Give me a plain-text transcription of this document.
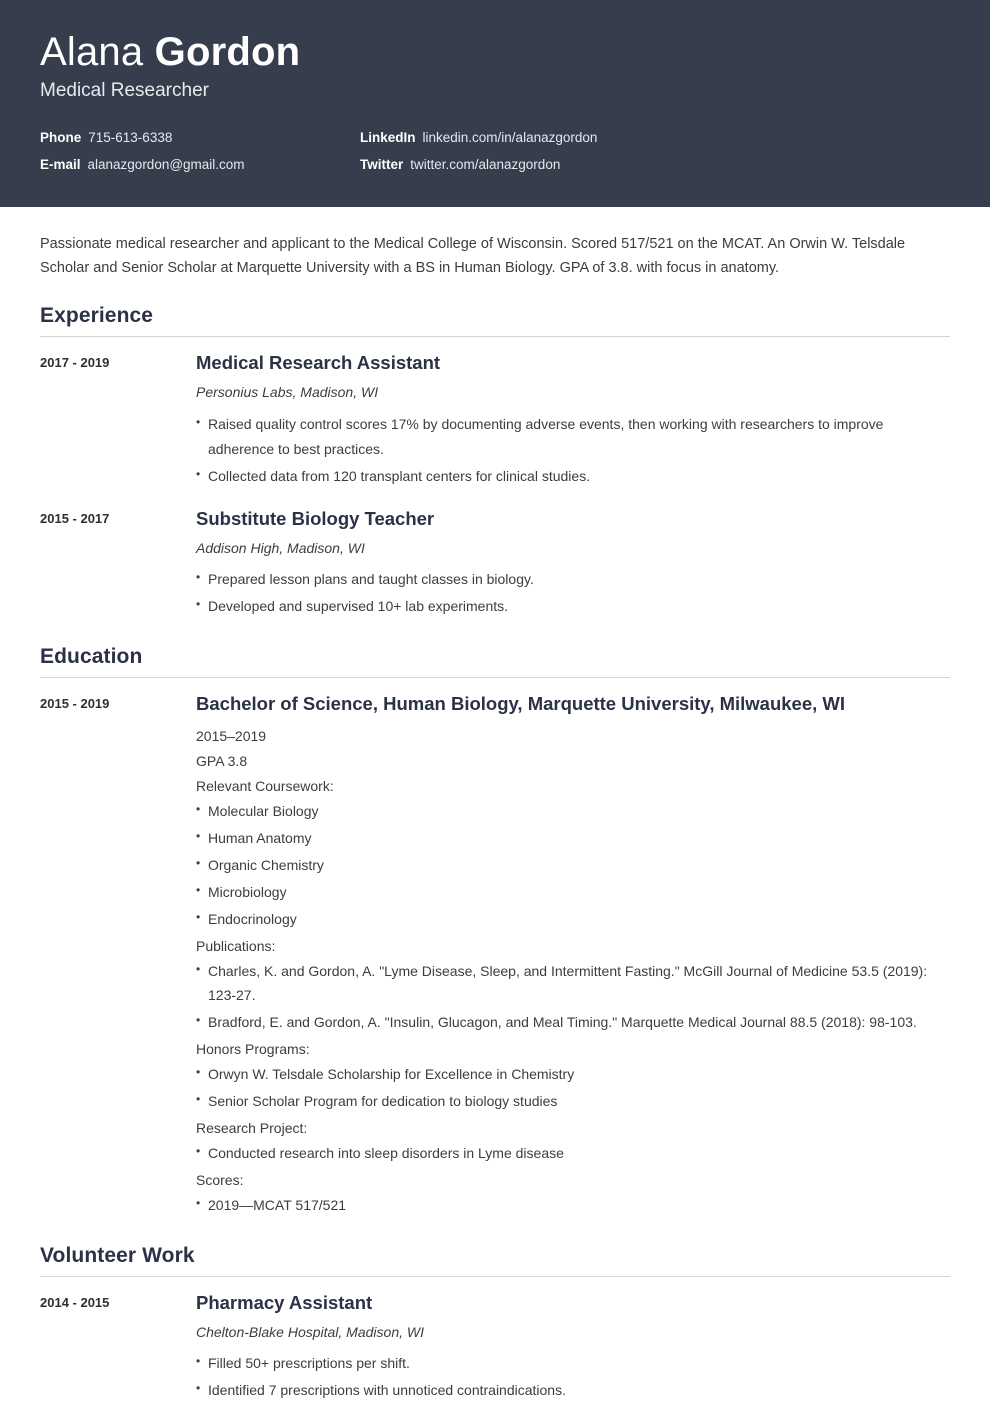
Alana Gordon
Medical Researcher
Phone 715-613-6338	LinkedIn linkedin.com/in/alanazgordon
E-mail alanazgordon@gmail.com	Twitter twitter.com/alanazgordon

Passionate medical researcher and applicant to the Medical College of Wisconsin. Scored 517/521 on the MCAT. An Orwin W. Telsdale Scholar and Senior Scholar at Marquette University with a BS in Human Biology. GPA of 3.8. with focus in anatomy.

Experience
2017 - 2019	Medical Research Assistant
Personius Labs, Madison, WI
• Raised quality control scores 17% by documenting adverse events, then working with researchers to improve adherence to best practices.
• Collected data from 120 transplant centers for clinical studies.
2015 - 2017	Substitute Biology Teacher
Addison High, Madison, WI
• Prepared lesson plans and taught classes in biology.
• Developed and supervised 10+ lab experiments.
Education
2015 - 2019	Bachelor of Science, Human Biology, Marquette University, Milwaukee, WI
2015–2019
GPA 3.8
Relevant Coursework:
• Molecular Biology
• Human Anatomy
• Organic Chemistry
• Microbiology
• Endocrinology
Publications:
• Charles, K. and Gordon, A. "Lyme Disease, Sleep, and Intermittent Fasting." McGill Journal of Medicine 53.5 (2019): 123-27.
• Bradford, E. and Gordon, A. "Insulin, Glucagon, and Meal Timing." Marquette Medical Journal 88.5 (2018): 98-103.
Honors Programs:
• Orwyn W. Telsdale Scholarship for Excellence in Chemistry
• Senior Scholar Program for dedication to biology studies
Research Project:
• Conducted research into sleep disorders in Lyme disease
Scores:
• 2019—MCAT 517/521
Volunteer Work
2014 - 2015	Pharmacy Assistant
Chelton-Blake Hospital, Madison, WI
• Filled 50+ prescriptions per shift.
• Identified 7 prescriptions with unnoticed contraindications.
